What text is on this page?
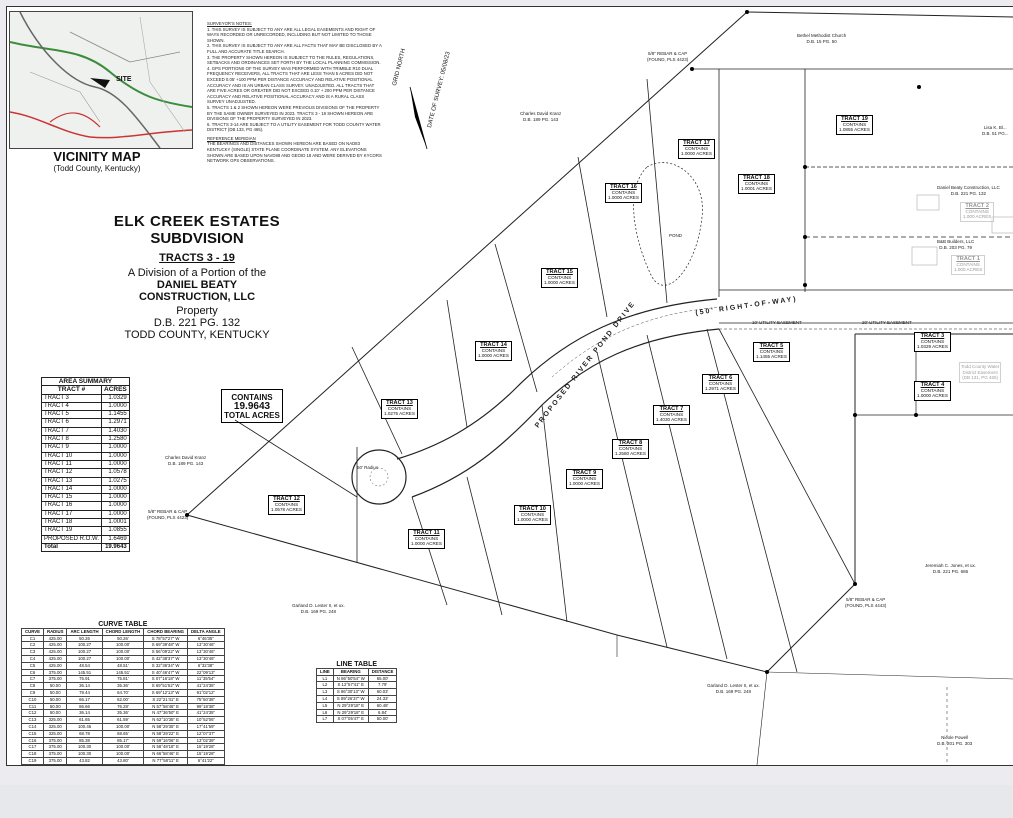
SITE
VICINITY MAP
(Todd County, Kentucky)
SURVEYOR'S NOTES:
1. THIS SURVEY IS SUBJECT TO ANY ARE ALL LEGAL EASEMENTS AND RIGHT OF WAYS RECORDED OR UNRECORDED, INCLUDING BUT NOT LIMITED TO THOSE SHOWN.
2. THIS SURVEY IS SUBJECT TO ANY ARE ALL FACTS THAT MAY BE DISCLOSED BY A FULL AND ACCURATE TITLE SEARCH.
3. THE PROPERTY SHOWN HEREON IS SUBJECT TO THE RULES, REGULATIONS, SETBACKS AND ORDINANCES SET FORTH BY THE LOCAL PLANNING COMMISSION.
4. GPS PORTIONS OF THE SURVEY WAS PERFORMED WITH TRIMBLE R10 DUAL FREQUENCY RECEIVERS, ALL TRACTS THAT ARE LESS THAN 5 ACRES DID NOT EXCEED 0.05' +100 PPM PER DISTANCE ACCURACY AND RELATIVE POSITIONAL ACCURACY AND IS AN URBAN CLASS SURVEY. UNADJUSTED. ALL TRACTS THAT ARE FIVE ACRES OR GREATER DID NOT EXCEED 0.10' + 200 PPM PER DISTANCE ACCURACY AND RELATIVE POSITIONAL ACCURACY AND IS A RURAL CLASS SURVEY UNADJUSTED.
5. TRACTS 1 & 2 SHOWN HEREON WERE PREVIOUS DIVISIONS OF THE PROPERTY BY THE SAME OWNER SURVEYED IN 2023. TRACTS 3 - 19 SHOWN HEREON ARE DIVISIONS OF THE PROPERTY SURVEYED IN 2023.
6. TRACTS 3-14 ARE SUBJECT TO A UTILITY EASEMENT FOR TODD COUNTY WATER DISTRICT (DB 133, PG 465).
REFERENCE MERIDIAN
THE BEARINGS AND DISTANCES SHOWN HEREON ARE BASED ON NAD83 KENTUCKY (SINGLE) STATE PLANE COORDINATE SYSTEM. ANY ELEVATIONS SHOWN ARE BASED UPON NAVD88 AND GEOID 18 AND WERE DERIVED BY KYCORS NETWORK GPS OBSERVATIONS.
GRID NORTH	DATE OF SURVEY: 05/08/23
ELK CREEK ESTATES
SUBDVISION
TRACTS 3 - 19
A Division of a Portion of the
DANIEL BEATY
CONSTRUCTION, LLC
Property
D.B. 221 PG. 132
TODD COUNTY, KENTUCKY
AREA SUMMARY	
TRACT #	ACRES
TRACT 3	1.0329
TRACT 4	1.0000
TRACT 5	1.1455
TRACT 6	1.2971
TRACT 7	1.4030
TRACT 8	1.2580
TRACT 9	1.0000
TRACT 10	1.0000
TRACT 11	1.0000
TRACT 12	1.0578
TRACT 13	1.0275
TRACT 14	1.0000
TRACT 15	1.0000
TRACT 16	1.0000
TRACT 17	1.0000
TRACT 18	1.0001
TRACT 19	1.0855
PROPOSED R.O.W.	1.6469
Total	19.9643
CONTAINS
19.9643
TOTAL ACRES
CURVE TABLE					
CURVE	RADIUS	ARC LENGTH	CHORD LENGTH	CHORD BEARING	DELTA ANGLE
C1	425.00	50.26	50.26'	S 78°57'27" W	6°46'35"
C2	425.00	100.27	100.00'	S 69°39'48" W	13°30'46"
C3	425.00	100.27	100.00'	S 56°09'22" W	13°30'46"
C4	425.00	100.27	100.00'	S 42°38'37" W	13°30'46"
C5	425.00	48.54	48.51'	S 32°36'34" W	6°32'38"
C6	375.00	145.51	145.51'	S 40°46'47" W	22°09'13"
C7	375.00	75.91	75.81'	S 07°16'18" W	11°35'54"
C8	50.00	36.14	35.36'	S 69°51'52" W	41°24'35"
C9	50.00	79.44	64.70'	S 69°12'13" W	91°02'12"
C10	50.00	66.17	62.00'	S 22°21'41" E	75°50'38"
C11	50.00	86.66	76.28'	N 57°58'46" E	99°18'38"
C12	50.00	36.14	35.36'	N 47°36'50" E	41°24'35"
C13	325.00	61.65	61.59'	N 62°10'35" E	10°52'06"
C14	325.00	100.46	100.00'	N 58°29'35" E	17°41'59"
C15	325.00	68.78	68.65'	N 58°29'22" E	12°07'37"
C16	375.00	85.38	85.17'	N 59°16'06" E	13°02'39"
C17	375.00	100.30	100.00'	N 58°48'18" E	15°19'28"
C18	375.00	100.30	100.00'	N 66°58'46" E	15°19'28"
C19	375.00	43.82	43.80'	N 77°58'11" E	6°41'22"
LINE TABLE		
LINE	BEARING	DISTANCE
L1	N 86°50'54" W	65.00'
L2	S 12°57'41" E	7.79'
L3	S 86°30'13" W	60.03'
L4	S 89°26'37" W	24.33'
L5	N 29°29'18" E	60.48'
L6	N 29°29'18" E	6.84'
L7	S 07°05'47" E	50.00'
PROPOSED RIVER POND DRIVE	(50' RIGHT-OF-WAY)
TRACT 19
CONTAINS
1.0855 ACRES
TRACT 17
CONTAINS
1.0000 ACRES
TRACT 16
CONTAINS
1.0000 ACRES
TRACT 18
CONTAINS
1.0001 ACRES
TRACT 15
CONTAINS
1.0000 ACRES
TRACT 14
CONTAINS
1.0000 ACRES
TRACT 13
CONTAINS
1.0275 ACRES
TRACT 12
CONTAINS
1.0578 ACRES
TRACT 11
CONTAINS
1.0000 ACRES
TRACT 10
CONTAINS
1.0000 ACRES
TRACT 9
CONTAINS
1.0000 ACRES
TRACT 8
CONTAINS
1.2580 ACRES
TRACT 7
CONTAINS
1.4030 ACRES
TRACT 6
CONTAINS
1.2971 ACRES
TRACT 5
CONTAINS
1.1455 ACRES
TRACT 4
CONTAINS
1.0000 ACRES
TRACT 3
CONTAINS
1.0329 ACRES
TRACT 2
CONTAINS
1.000 ACRES
TRACT 1
CONTAINS
1.000 ACRES
Bethel Methodist Church
D.B. 15 PG. 50
Charles David Kranz
D.B. 189 PG. 143
Charles David Kranz
D.B. 189 PG. 143
Daniel Beaty Construction, LLC
D.B. 221 PG. 132
B&B Builders, LLC
D.B. 203 PG. 79
Lisa K. Bl...
D.B. 51 PG...
Garland D. Lester II, et ux.
D.B. 169 PG. 248
Garland D. Lester II, et ux.
D.B. 169 PG. 248
Jeremiah C. Jones, et ux.
D.B. 221 PG. 686
Nicole Powell
D.B. 201 PG. 303
POND
50' Radius
5/8" REBAR & CAP
(FOUND, PLS 4423)
5/8" REBAR & CAP
(FOUND, PLS 4423)
5/8" REBAR & CAP
(FOUND, PLS 4443)
Todd County Water
District Easement
(DB 131, PG 465)
10' UTILITY EASEMENT	20' UTILITY EASEMENT
